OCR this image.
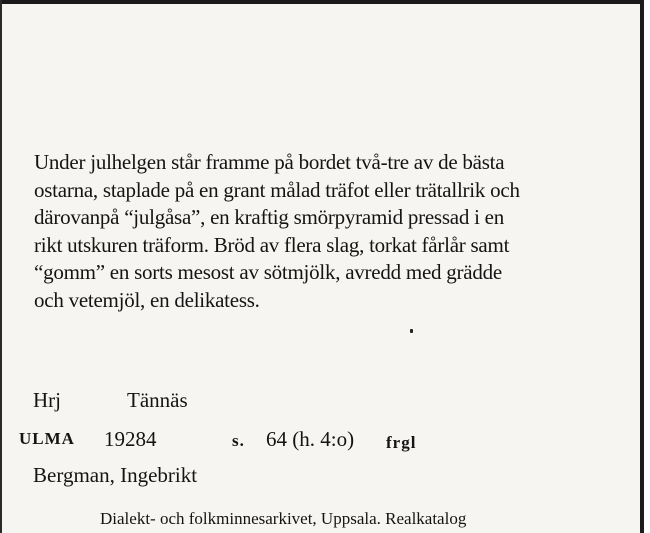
Under julhelgen står framme på bordet två-tre av de bästa
ostarna, staplade på en grant målad träfot eller trätallrik och
därovanpå “julgåsa”, en kraftig smörpyramid pressad i en
rikt utskuren träform. Bröd av flera slag, torkat fårlår samt
“gomm” en sorts mesost av sötmjölk, avredd med grädde
och vetemjöl, en delikatess.

Hrj	Tännäs
ULMA 19284	s. 64 (h. 4:o) frgl
Bergman, Ingebrikt
Dialekt- och folkminnesarkivet, Uppsala. Realkatalog
